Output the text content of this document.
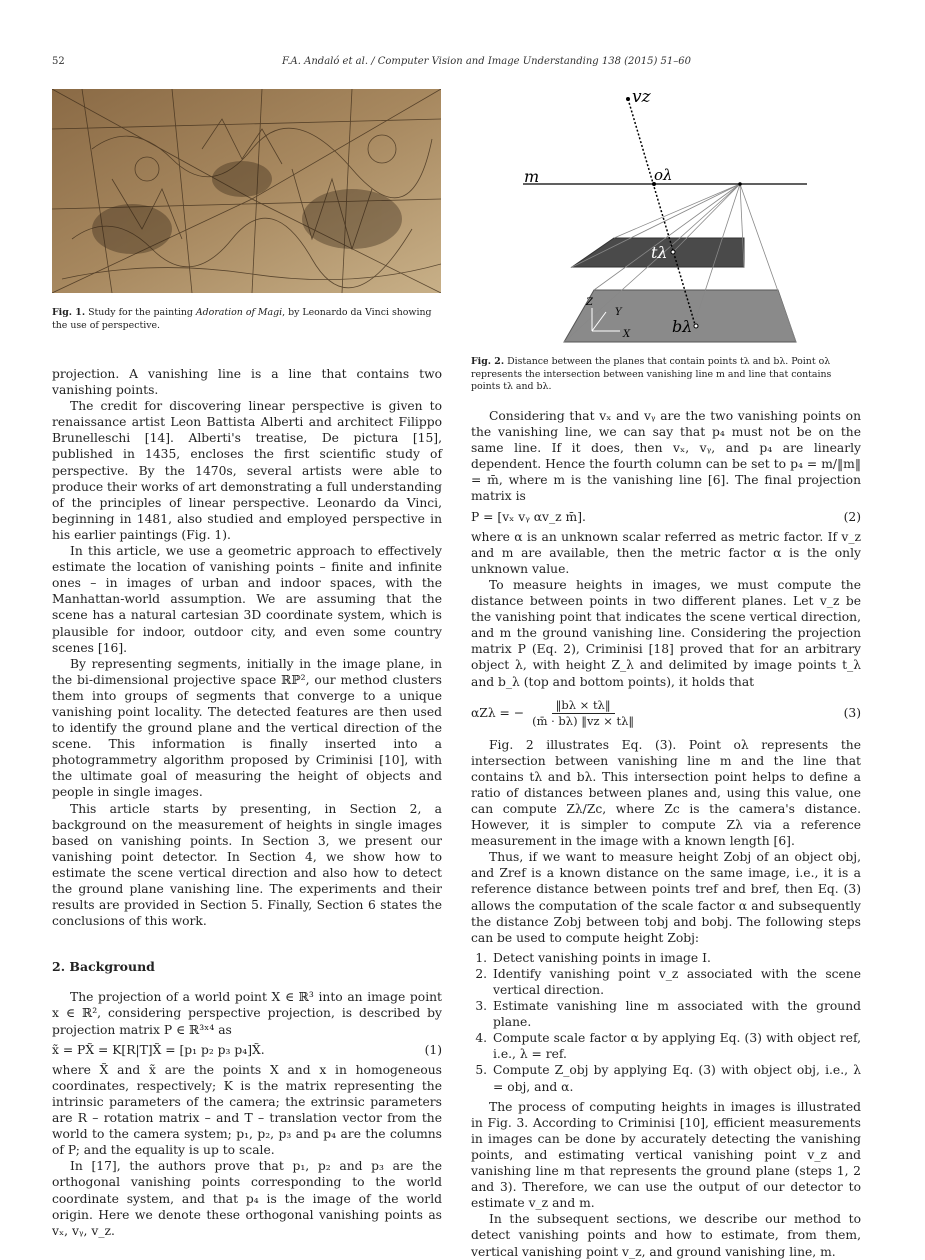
52	F.A. Andaló et al. / Computer Vision and Image Understanding 138 (2015) 51–60
Fig. 1. Study for the painting Adoration of Magi, by Leonardo da Vinci showing the use of perspective.
vz
m	oλ
tλ
bλ
Z
Y
X
Fig. 2. Distance between the planes that contain points tλ and bλ. Point oλ represents the intersection between vanishing line m and line that contains points tλ and bλ.

projection. A vanishing line is a line that contains two vanishing points.

The credit for discovering linear perspective is given to renaissance artist Leon Battista Alberti and architect Filippo Brunelleschi [14]. Alberti's treatise, De pictura [15], published in 1435, encloses the first scientific study of perspective. By the 1470s, several artists were able to produce their works of art demonstrating a full understanding of the principles of linear perspective. Leonardo da Vinci, beginning in 1481, also studied and employed perspective in his earlier paintings (Fig. 1).

In this article, we use a geometric approach to effectively estimate the location of vanishing points – finite and infinite ones – in images of urban and indoor spaces, with the Manhattan-world assumption. We are assuming that the scene has a natural cartesian 3D coordinate system, which is plausible for indoor, outdoor city, and even some country scenes [16].

By representing segments, initially in the image plane, in the bi-dimensional projective space ℝℙ², our method clusters them into groups of segments that converge to a unique vanishing point locality. The detected features are then used to identify the ground plane and the vertical direction of the scene. This information is finally inserted into a photogrammetry algorithm proposed by Criminisi [10], with the ultimate goal of measuring the height of objects and people in single images.

This article starts by presenting, in Section 2, a background on the measurement of heights in single images based on vanishing points. In Section 3, we present our vanishing point detector. In Section 4, we show how to estimate the scene vertical direction and also how to detect the ground plane vanishing line. The experiments and their results are provided in Section 5. Finally, Section 6 states the conclusions of this work.

2. Background

The projection of a world point X ∈ ℝ³ into an image point x ∈ ℝ², considering perspective projection, is described by projection matrix P ∈ ℝ³ˣ⁴ as

x̃ = PX̃ = K[R|T]X̃ = [p₁ p₂ p₃ p₄]X̃.	(1)

where X̃ and x̃ are the points X and x in homogeneous coordinates, respectively; K is the matrix representing the intrinsic parameters of the camera; the extrinsic parameters are R – rotation matrix – and T – translation vector from the world to the camera system; p₁, p₂, p₃ and p₄ are the columns of P; and the equality is up to scale.

In [17], the authors prove that p₁, p₂ and p₃ are the orthogonal vanishing points corresponding to the world coordinate system, and that p₄ is the image of the world origin. Here we denote these orthogonal vanishing points as vₓ, vᵧ, v_z.

Considering that vₓ and vᵧ are the two vanishing points on the vanishing line, we can say that p₄ must not be on the same line. If it does, then vₓ, vᵧ, and p₄ are linearly dependent. Hence the fourth column can be set to p₄ = m/‖m‖ = m̄, where m is the vanishing line [6]. The final projection matrix is

P = [vₓ vᵧ αv_z m̄].	(2)

where α is an unknown scalar referred as metric factor. If v_z and m are available, then the metric factor α is the only unknown value.

To measure heights in images, we must compute the distance between points in two different planes. Let v_z be the vanishing point that indicates the scene vertical direction, and m the ground vanishing line. Considering the projection matrix P (Eq. 2), Criminisi [18] proved that for an arbitrary object λ, with height Z_λ and delimited by image points t_λ and b_λ (top and bottom points), it holds that

αZλ = − $\frac{‖b\lambda \times t\lambda‖}{(m̄ \cdot b\lambda) ‖vz \times t\lambda‖}$	(3)

Fig. 2 illustrates Eq. (3). Point oλ represents the intersection between vanishing line m and the line that contains tλ and bλ. This intersection point helps to define a ratio of distances between planes and, using this value, one can compute Zλ/Zc, where Zc is the camera's distance. However, it is simpler to compute Zλ via a reference measurement in the image with a known length [6].

Thus, if we want to measure height Zobj of an object obj, and Zref is a known distance on the same image, i.e., it is a reference distance between points tref and bref, then Eq. (3) allows the computation of the scale factor α and subsequently the distance Zobj between tobj and bobj. The following steps can be used to compute height Zobj:

1. Detect vanishing points in image I.
2. Identify vanishing point v_z associated with the scene vertical direction.
3. Estimate vanishing line m associated with the ground plane.
4. Compute scale factor α by applying Eq. (3) with object ref, i.e., λ = ref.
5. Compute Z_obj by applying Eq. (3) with object obj, i.e., λ = obj, and α.

The process of computing heights in images is illustrated in Fig. 3. According to Criminisi [10], efficient measurements in images can be done by accurately detecting the vanishing points, and estimating vertical vanishing point v_z and vanishing line m that represents the ground plane (steps 1, 2 and 3). Therefore, we can use the output of our detector to estimate v_z and m.

In the subsequent sections, we describe our method to detect vanishing points and how to estimate, from them, vertical vanishing point v_z, and ground vanishing line, m.
